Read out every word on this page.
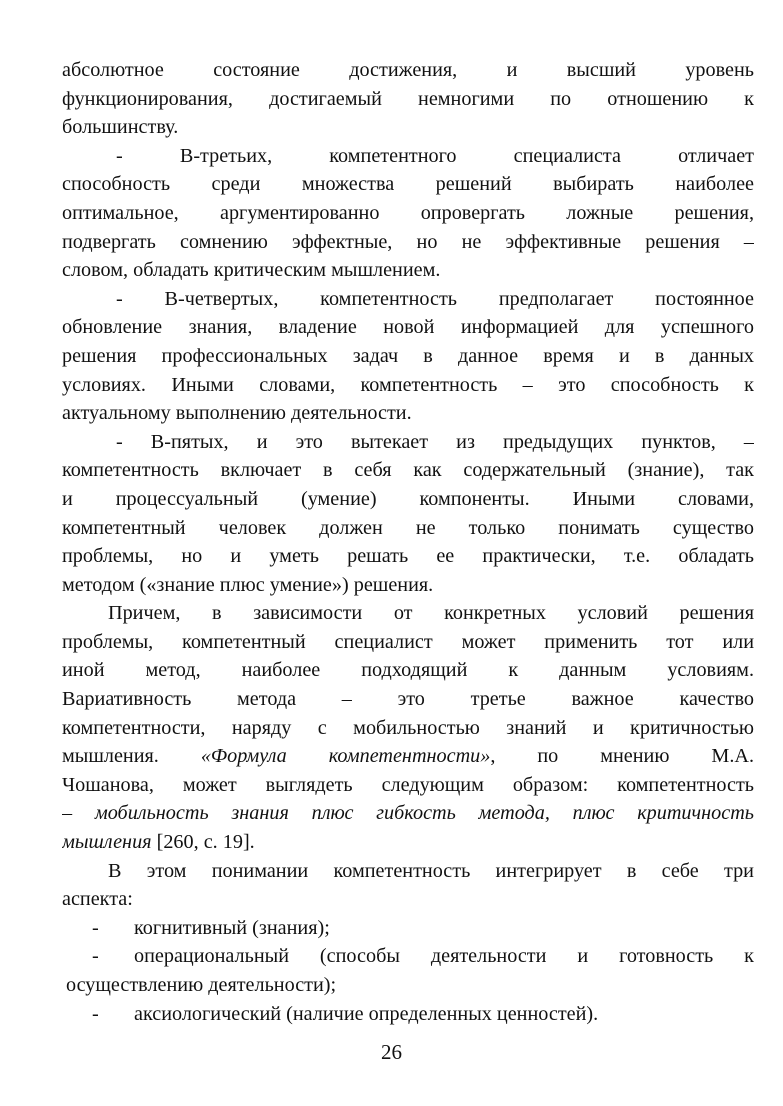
абсолютное состояние достижения, и высший уровень
функционирования, достигаемый немногими по отношению к
большинству.
- В-третьих, компетентного специалиста отличает
способность среди множества решений выбирать наиболее
оптимальное, аргументированно опровергать ложные решения,
подвергать сомнению эффектные, но не эффективные решения –
словом, обладать критическим мышлением.
- В-четвертых, компетентность предполагает постоянное
обновление знания, владение новой информацией для успешного
решения профессиональных задач в данное время и в данных
условиях. Иными словами, компетентность – это способность к
актуальному выполнению деятельности.
- В-пятых, и это вытекает из предыдущих пунктов, –
компетентность включает в себя как содержательный (знание), так
и процессуальный (умение) компоненты. Иными словами,
компетентный человек должен не только понимать существо
проблемы, но и уметь решать ее практически, т.е. обладать
методом («знание плюс умение») решения.
Причем, в зависимости от конкретных условий решения
проблемы, компетентный специалист может применить тот или
иной метод, наиболее подходящий к данным условиям.
Вариативность метода – это третье важное качество
компетентности, наряду с мобильностью знаний и критичностью
мышления. «Формула компетентности», по мнению М.А.
Чошанова, может выглядеть следующим образом: компетентность
– мобильность знания плюс гибкость метода, плюс критичность
мышления [260, с. 19].
В этом понимании компетентность интегрирует в себе три
аспекта:
- когнитивный (знания);
- операциональный (способы деятельности и готовность к
осуществлению деятельности);
- аксиологический (наличие определенных ценностей).
26
